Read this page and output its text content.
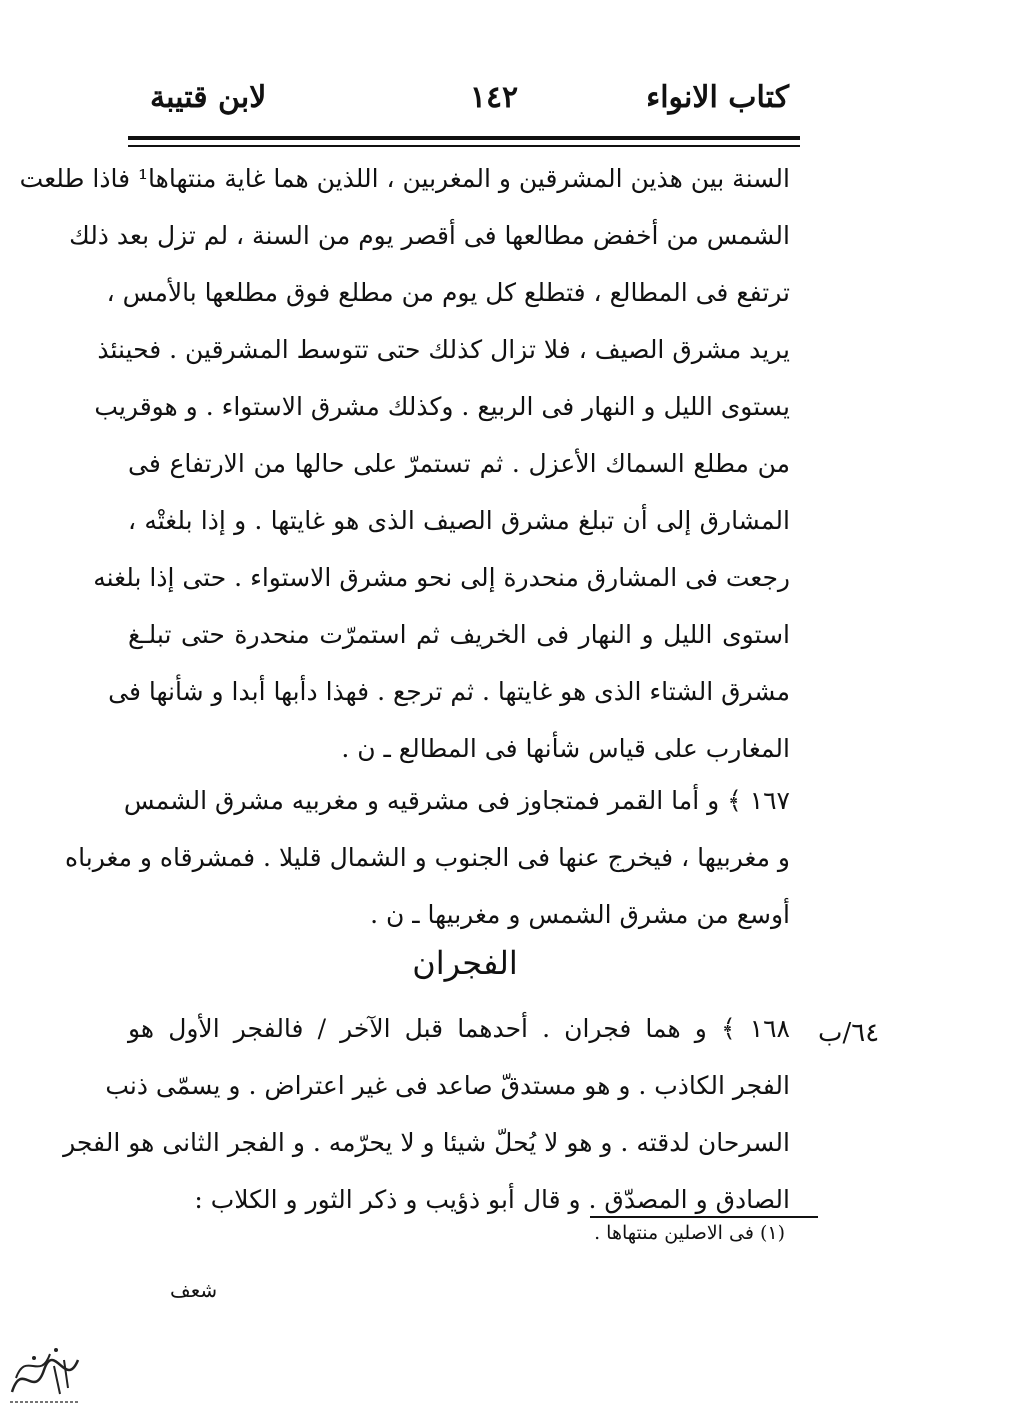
كتاب الانواء
١٤٢
لابن قتيبة
السنة بين هذين المشرقين و المغربين ، اللذين هما غاية منتهاها¹ فاذا طلعت
الشمس من أخفض مطالعها فى أقصر يوم من السنة ، لم تزل بعد ذلك
ترتفع فى المطالع ، فتطلع كل يوم من مطلع فوق مطلعها بالأمس ،
يريد مشرق الصيف ، فلا تزال كذلك حتى تتوسط المشرقين . فحينئذ
يستوى الليل و النهار فى الربيع . وكذلك مشرق الاستواء . و هوقريب
من مطلع السماك الأعزل . ثم تستمرّ على حالها من الارتفاع فى
المشارق إلى أن تبلغ مشرق الصيف الذى هو غايتها . و إذا بلغتْه ،
رجعت فى المشارق منحدرة إلى نحو مشرق الاستواء . حتى إذا بلغنه
استوى الليل و النهار فى الخريف ثم استمرّت منحدرة حتى تبلـغ
مشرق الشتاء الذى هو غايتها . ثم ترجع . فهذا دأبها أبدا و شأنها فى
المغارب على قياس شأنها فى المطالع ـ ن .
١٦٧ ﴾ و أما القمر فمتجاوز فى مشرقيه و مغربيه مشرق الشمس
و مغربيها ، فيخرج عنها فى الجنوب و الشمال قليلا . فمشرقاه و مغرباه
أوسع من مشرق الشمس و مغربيها ـ ن .
الفجران
٦٤/ب
١٦٨ ﴾ و هما فجران . أحدهما قبل الآخر ‌/ فالفجر الأول هو
الفجر الكاذب . و هو مستدقّ صاعد فى غير اعتراض . و يسمّى ذنب
السرحان لدقته . و هو لا يُحلّ شيئا و لا يحرّمه . و الفجر الثانى هو الفجر
الصادق و المصدّق . و قال أبو ذؤيب و ذكر الثور و الكلاب :
(١) فى الاصلين منتهاها .
شعف
